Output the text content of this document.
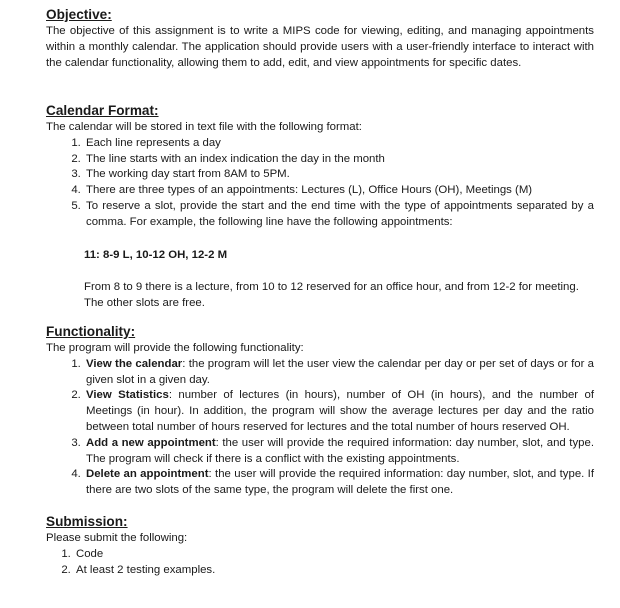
Objective:

The objective of this assignment is to write a MIPS code for viewing, editing, and managing appointments within a monthly calendar. The application should provide users with a user-friendly interface to interact with the calendar functionality, allowing them to add, edit, and view appointments for specific dates.

Calendar Format:

The calendar will be stored in text file with the following format:

1. Each line represents a day
2. The line starts with an index indication the day in the month
3. The working day start from 8AM to 5PM.
4. There are three types of an appointments: Lectures (L), Office Hours (OH), Meetings (M)
5. To reserve a slot, provide the start and the end time with the type of appointments separated by a comma. For example, the following line have the following appointments:

11: 8-9 L, 10-12 OH, 12-2 M

From 8 to 9 there is a lecture, from 10 to 12 reserved for an office hour, and from 12-2 for meeting. The other slots are free.

Functionality:

The program will provide the following functionality:

1. View the calendar: the program will let the user view the calendar per day or per set of days or for a given slot in a given day.
2. View Statistics: number of lectures (in hours), number of OH (in hours), and the number of Meetings (in hour). In addition, the program will show the average lectures per day and the ratio between total number of hours reserved for lectures and the total number of hours reserved OH.
3. Add a new appointment: the user will provide the required information: day number, slot, and type. The program will check if there is a conflict with the existing appointments.
4. Delete an appointment: the user will provide the required information: day number, slot, and type. If there are two slots of the same type, the program will delete the first one.

Submission:

Please submit the following:

1. Code
2. At least 2 testing examples.
